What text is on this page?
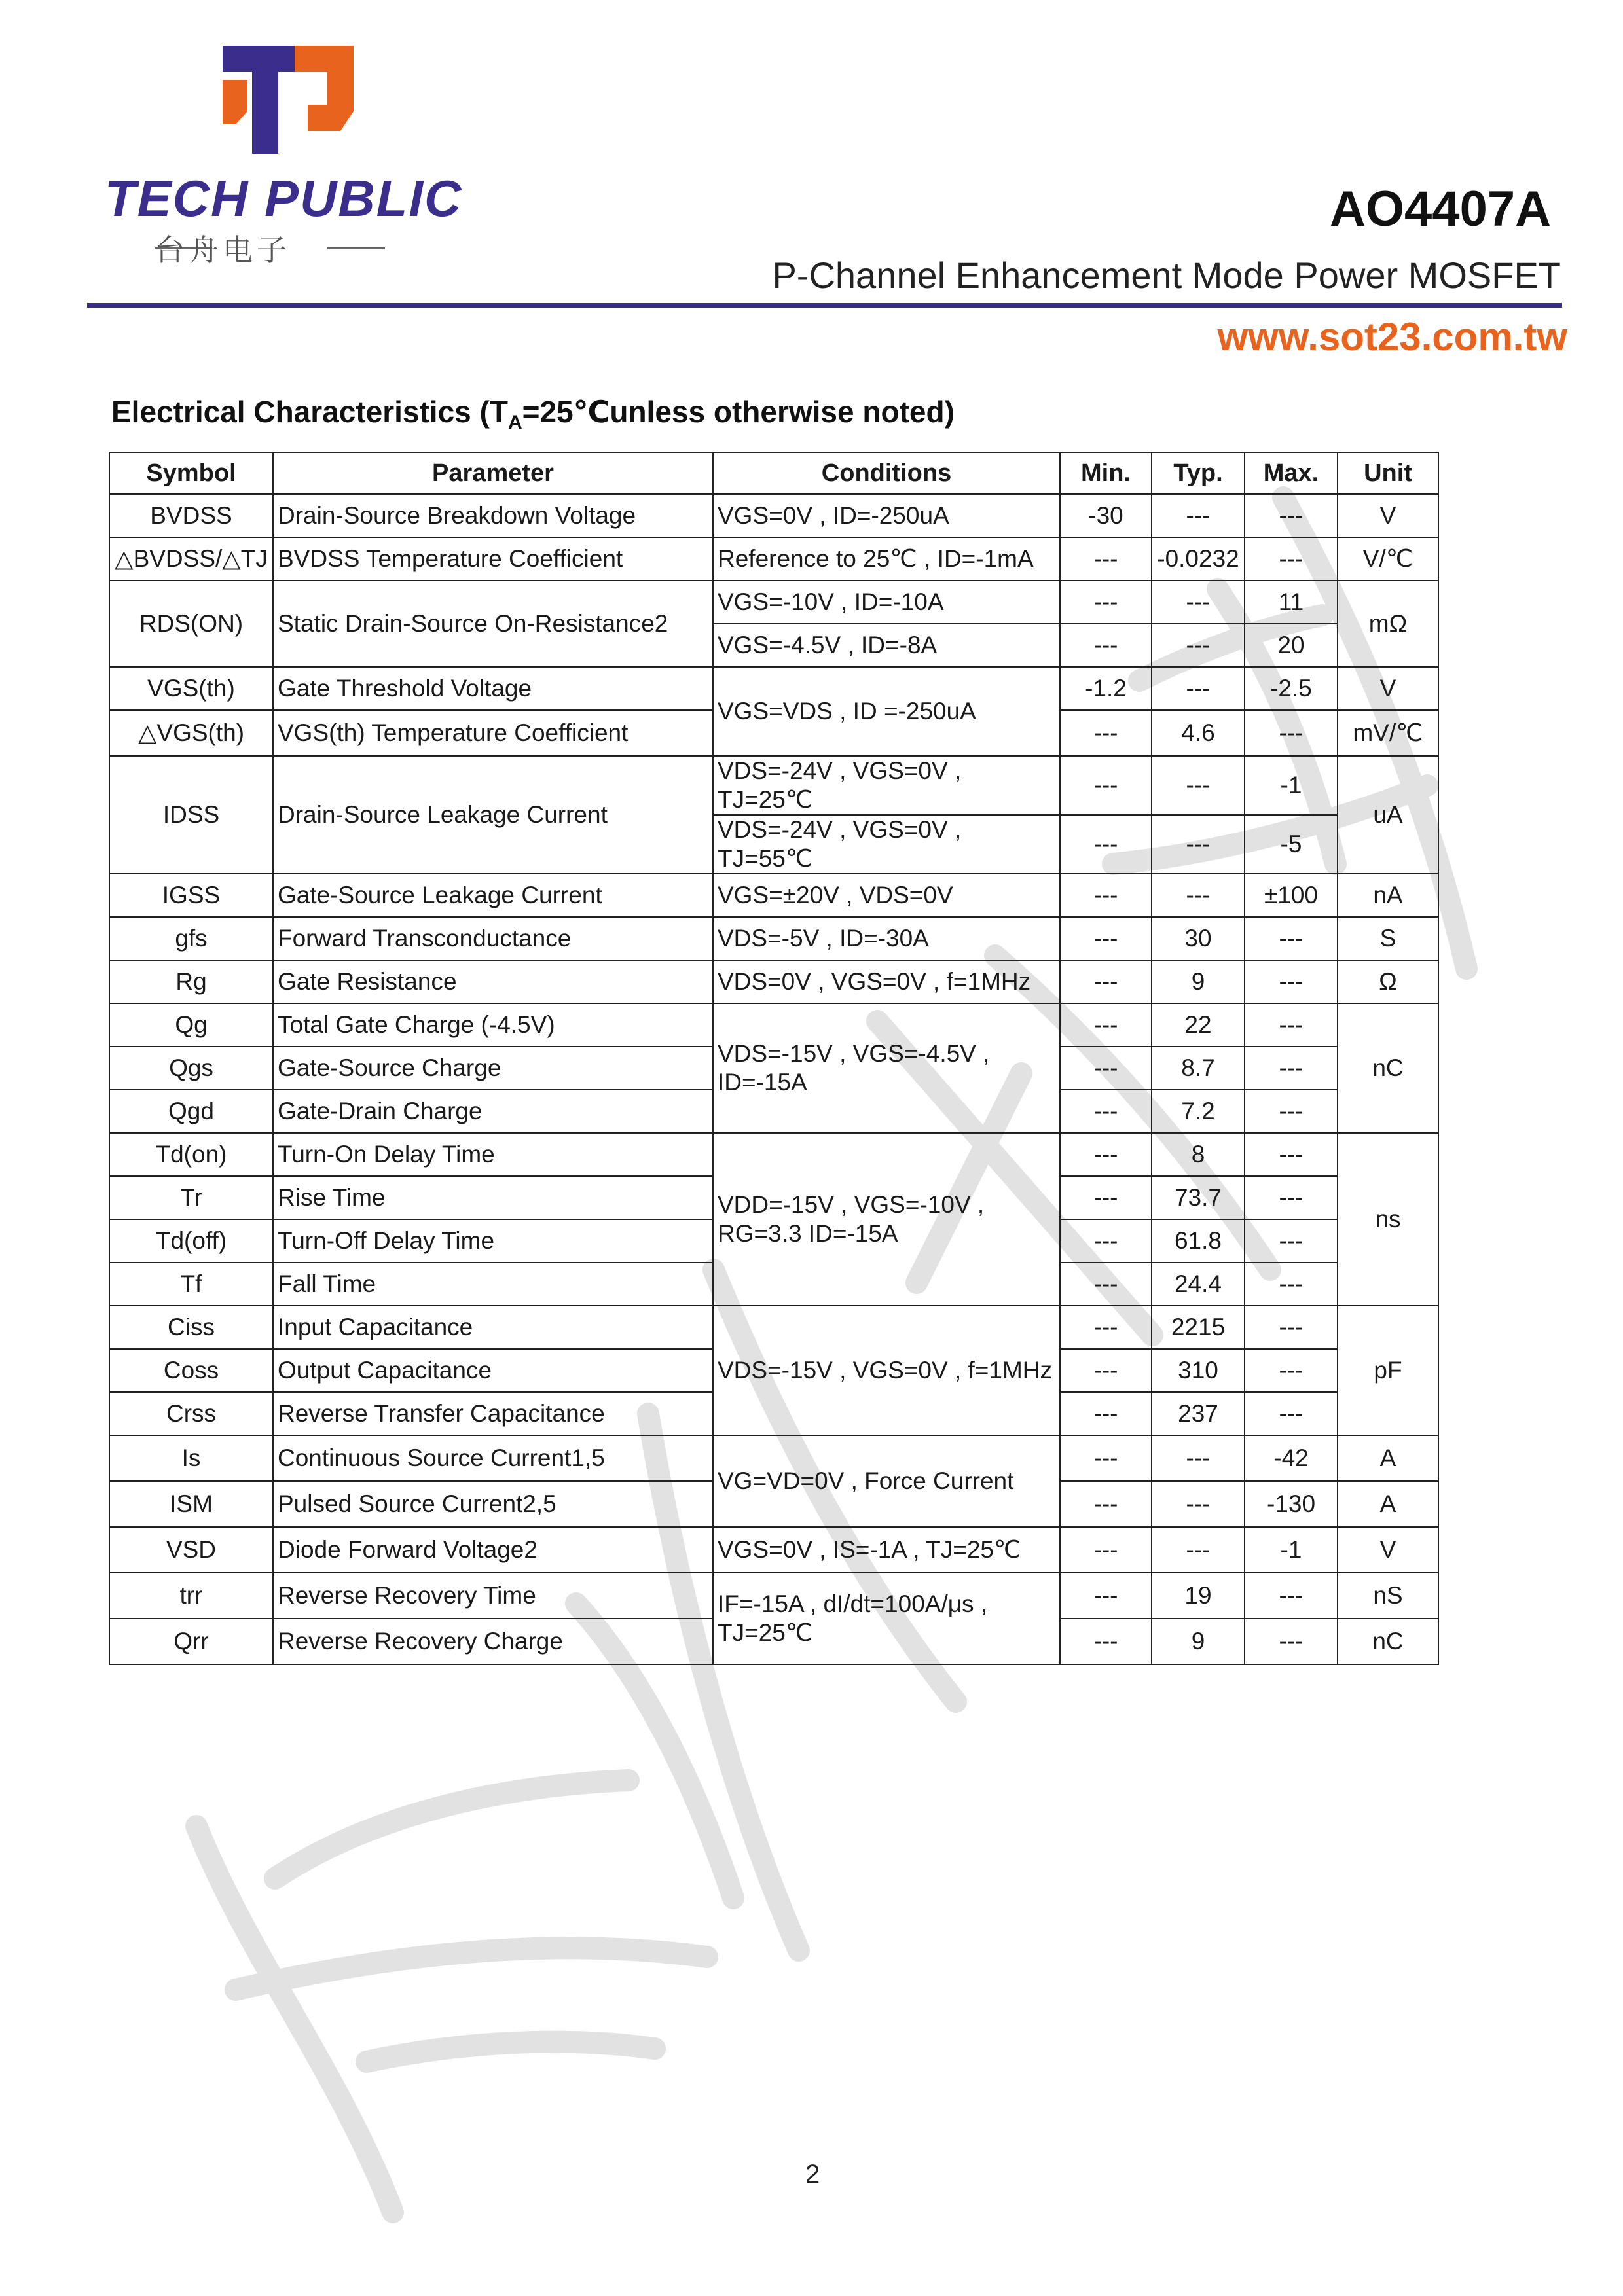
TECH PUBLIC
台舟电子
AO4407A
P-Channel Enhancement Mode Power MOSFET
www.sot23.com.tw
Electrical Characteristics ($T_A=25℃unless$ otherwise noted)
Symbol	Parameter	Conditions	Min.	Typ.	Max.	Unit
BVDSS	Drain-Source Breakdown Voltage	VGS=0V , ID=-250uA	-30	---	---	V
△BVDSS/△TJ	BVDSS Temperature Coefficient	Reference to 25℃ , ID=-1mA	---	-0.0232	---	V/℃
RDS(ON)	Static Drain-Source On-Resistance2	VGS=-10V , ID=-10A	---	---	11	mΩ
		VGS=-4.5V , ID=-8A	---	---	20	
VGS(th)	Gate Threshold Voltage	VGS=VDS , ID =-250uA	-1.2	---	-2.5	V
△VGS(th)	VGS(th) Temperature Coefficient		---	4.6	---	mV/℃
IDSS	Drain-Source Leakage Current	VDS=-24V , VGS=0V , TJ=25℃	---	---	-1	uA
		VDS=-24V , VGS=0V , TJ=55℃	---	---	-5	
IGSS	Gate-Source Leakage Current	VGS=±20V , VDS=0V	---	---	±100	nA
gfs	Forward Transconductance	VDS=-5V , ID=-30A	---	30	---	S
Rg	Gate Resistance	VDS=0V , VGS=0V , f=1MHz	---	9	---	Ω
Qg	Total Gate Charge (-4.5V)	VDS=-15V , VGS=-4.5V , ID=-15A	---	22	---	nC
Qgs	Gate-Source Charge		---	8.7	---	
Qgd	Gate-Drain Charge		---	7.2	---	
Td(on)	Turn-On Delay Time	VDD=-15V , VGS=-10V , RG=3.3 ID=-15A	---	8	---	ns
Tr	Rise Time		---	73.7	---	
Td(off)	Turn-Off Delay Time		---	61.8	---	
Tf	Fall Time		---	24.4	---	
Ciss	Input Capacitance	VDS=-15V , VGS=0V , f=1MHz	---	2215	---	pF
Coss	Output Capacitance		---	310	---	
Crss	Reverse Transfer Capacitance		---	237	---	
Is	Continuous Source Current1,5	VG=VD=0V , Force Current	---	---	-42	A
ISM	Pulsed Source Current2,5		---	---	-130	A
VSD	Diode Forward Voltage2	VGS=0V , IS=-1A , TJ=25℃	---	---	-1	V
trr	Reverse Recovery Time	IF=-15A , dI/dt=100A/μs , TJ=25℃	---	19	---	nS
Qrr	Reverse Recovery Charge		---	9	---	nC
2
